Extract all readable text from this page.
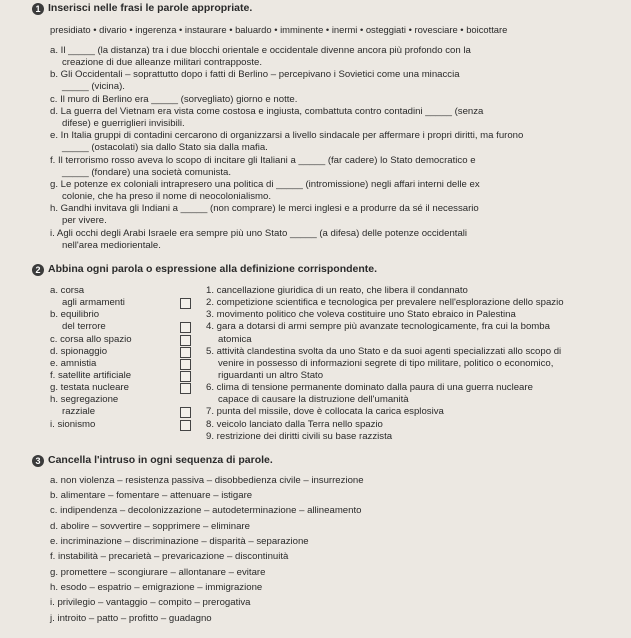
1 Inserisci nelle frasi le parole appropriate.
presidiato • divario • ingerenza • instaurare • baluardo • imminente • inermi • osteggiati • rovesciare • boicottare
a. Il _____ (la distanza) tra i due blocchi orientale e occidentale divenne ancora più profondo con la
creazione di due alleanze militari contrapposte.
b. Gli Occidentali – soprattutto dopo i fatti di Berlino – percepivano i Sovietici come una minaccia
_____ (vicina).
c. Il muro di Berlino era _____ (sorvegliato) giorno e notte.
d. La guerra del Vietnam era vista come costosa e ingiusta, combattuta contro contadini _____ (senza
difese) e guerriglieri invisibili.
e. In Italia gruppi di contadini cercarono di organizzarsi a livello sindacale per affermare i propri diritti, ma furono
_____ (ostacolati) sia dallo Stato sia dalla mafia.
f. Il terrorismo rosso aveva lo scopo di incitare gli Italiani a _____ (far cadere) lo Stato democratico e
_____ (fondare) una società comunista.
g. Le potenze ex coloniali intrapresero una politica di _____ (intromissione) negli affari interni delle ex
colonie, che ha preso il nome di neocolonialismo.
h. Gandhi invitava gli Indiani a _____ (non comprare) le merci inglesi e a produrre da sé il necessario
per vivere.
i. Agli occhi degli Arabi Israele era sempre più uno Stato _____ (a difesa) delle potenze occidentali
nell'area mediorientale.
2 Abbina ogni parola o espressione alla definizione corrispondente.
a. corsa
agli armamenti
b. equilibrio
del terrore
c. corsa allo spazio
d. spionaggio
e. amnistia
f. satellite artificiale
g. testata nucleare
h. segregazione
razziale
i. sionismo
1. cancellazione giuridica di un reato, che libera il condannato
2. competizione scientifica e tecnologica per prevalere nell'esplorazione dello spazio
3. movimento politico che voleva costituire uno Stato ebraico in Palestina
4. gara a dotarsi di armi sempre più avanzate tecnologicamente, fra cui la bomba
atomica
5. attività clandestina svolta da uno Stato e da suoi agenti specializzati allo scopo di
venire in possesso di informazioni segrete di tipo militare, politico o economico,
riguardanti un altro Stato
6. clima di tensione permanente dominato dalla paura di una guerra nucleare
capace di causare la distruzione dell'umanità
7. punta del missile, dove è collocata la carica esplosiva
8. veicolo lanciato dalla Terra nello spazio
9. restrizione dei diritti civili su base razzista
3 Cancella l'intruso in ogni sequenza di parole.
a. non violenza – resistenza passiva – disobbedienza civile – insurrezione
b. alimentare – fomentare – attenuare – istigare
c. indipendenza – decolonizzazione – autodeterminazione – allineamento
d. abolire – sovvertire – sopprimere – eliminare
e. incriminazione – discriminazione – disparità – separazione
f. instabilità – precarietà – prevaricazione – discontinuità
g. promettere – scongiurare – allontanare – evitare
h. esodo – espatrio – emigrazione – immigrazione
i. privilegio – vantaggio – compito – prerogativa
j. introito – patto – profitto – guadagno
